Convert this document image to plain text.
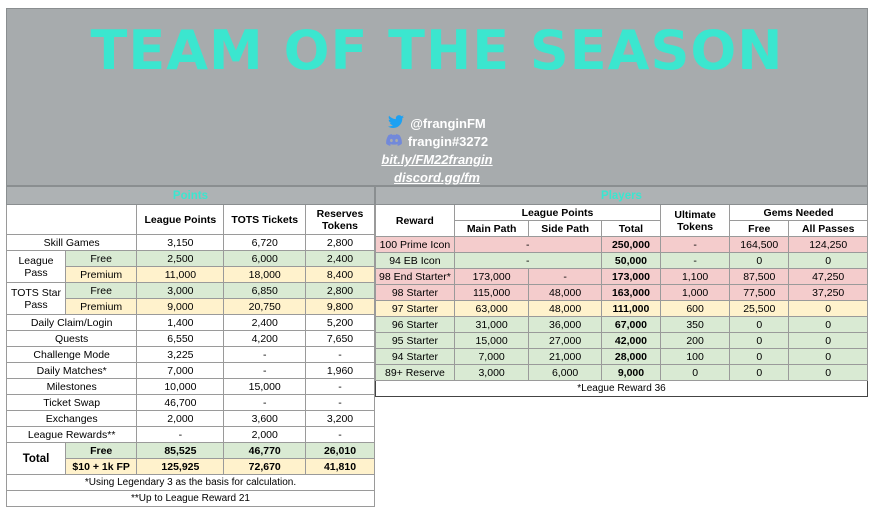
TEAM OF THE SEASON
@franginFM
frangin#3272
bit.ly/FM22frangin
discord.gg/fm
Points				
		League Points	TOTS Tickets	Reserves Tokens
Skill Games		3,150	6,720	2,800
League Pass	Free	2,500	6,000	2,400
	Premium	11,000	18,000	8,400
TOTS Star Pass	Free	3,000	6,850	2,800
	Premium	9,000	20,750	9,800
Daily Claim/Login		1,400	2,400	5,200
Quests		6,550	4,200	7,650
Challenge Mode		3,225	-	-
Daily Matches*		7,000	-	1,960
Milestones		10,000	15,000	-
Ticket Swap		46,700	-	-
Exchanges		2,000	3,600	3,200
League Rewards**		-	2,000	-
Total	Free	85,525	46,770	26,010
	$10 + 1k FP	125,925	72,670	41,810
*Using Legendary 3 as the basis for calculation.				
**Up to League Reward 21				
Players						
Reward	League Points			Ultimate Tokens	Gems Needed	
	Main Path	Side Path	Total		Free	All Passes
100 Prime Icon	-		250,000	-	164,500	124,250
94 EB Icon	-		50,000	-	0	0
98 End Starter*	173,000	-	173,000	1,100	87,500	47,250
98 Starter	115,000	48,000	163,000	1,000	77,500	37,250
97 Starter	63,000	48,000	111,000	600	25,500	0
96 Starter	31,000	36,000	67,000	350	0	0
95 Starter	15,000	27,000	42,000	200	0	0
94 Starter	7,000	21,000	28,000	100	0	0
89+ Reserve	3,000	6,000	9,000	0	0	0
*League Reward 36						
